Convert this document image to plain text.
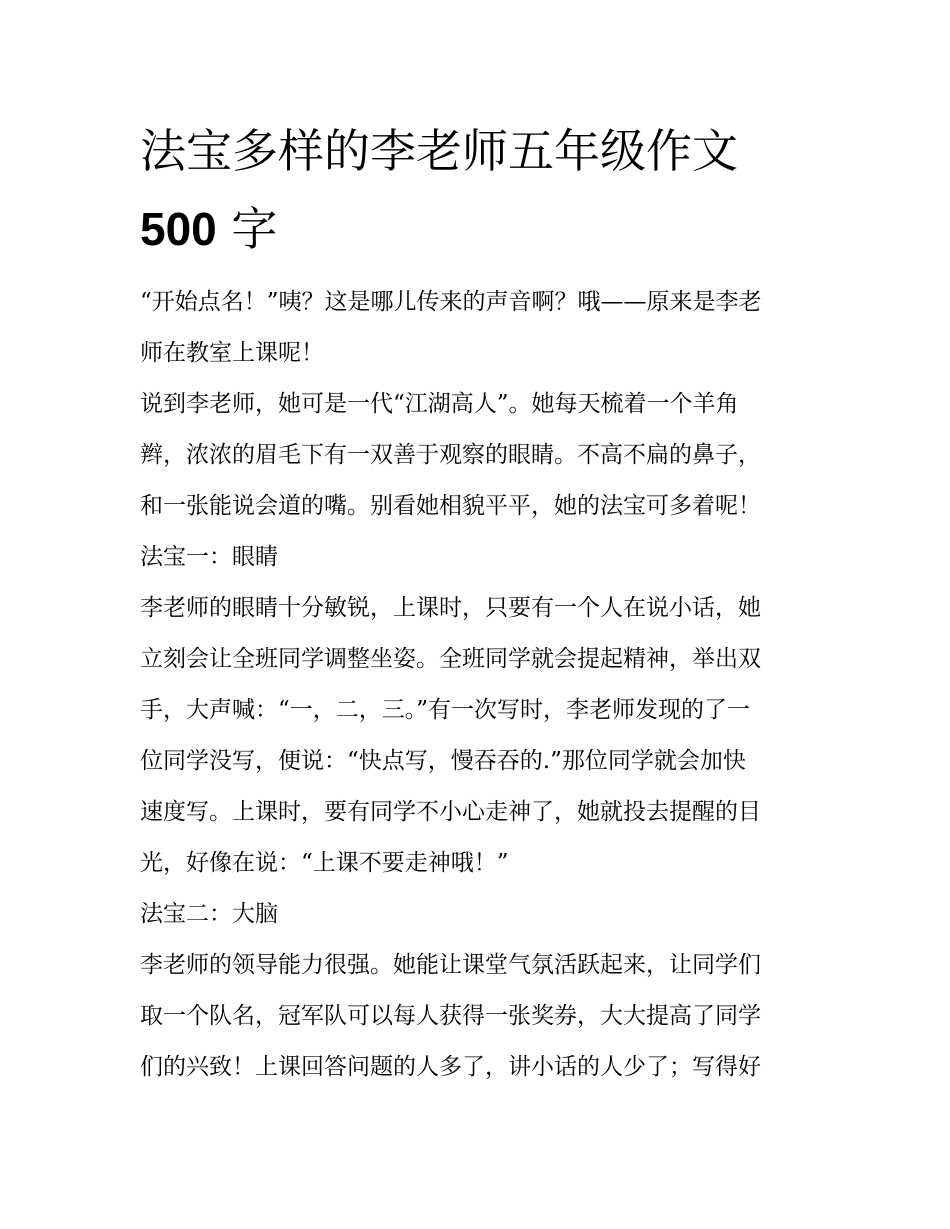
法宝多样的李老师五年级作文
500 字
“开始点名！”咦？这是哪儿传来的声音啊？哦——原来是李老
师在教室上课呢！
说到李老师，她可是一代“江湖高人”。她每天梳着一个羊角
辫，浓浓的眉毛下有一双善于观察的眼睛。不高不扁的鼻子，
和一张能说会道的嘴。别看她相貌平平，她的法宝可多着呢！
法宝一：眼睛
李老师的眼睛十分敏锐，上课时，只要有一个人在说小话，她
立刻会让全班同学调整坐姿。全班同学就会提起精神，举出双
手，大声喊：“一，二，三。”有一次写时，李老师发现的了一
位同学没写，便说：“快点写，慢吞吞的.”那位同学就会加快
速度写。上课时，要有同学不小心走神了，她就投去提醒的目
光，好像在说：“上课不要走神哦！”
法宝二：大脑
李老师的领导能力很强。她能让课堂气氛活跃起来，让同学们
取一个队名，冠军队可以每人获得一张奖券，大大提高了同学
们的兴致！上课回答问题的人多了，讲小话的人少了；写得好
